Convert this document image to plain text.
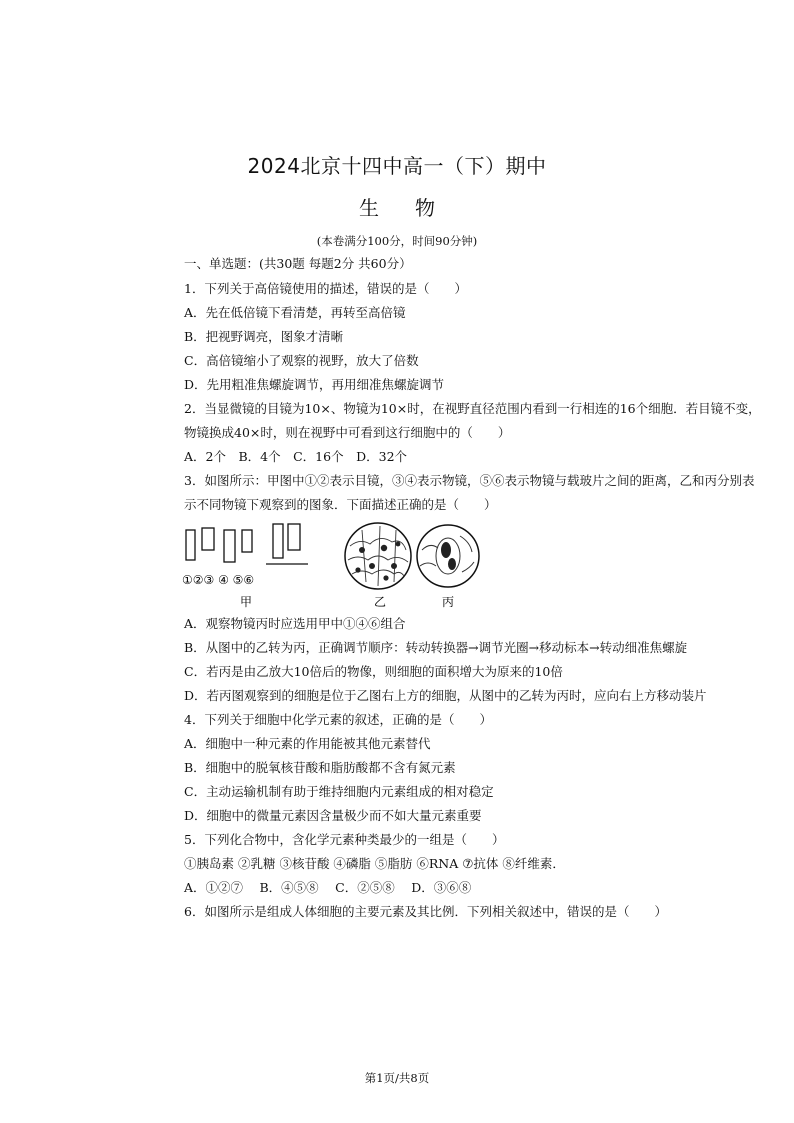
2024北京十四中高一（下）期中
生物
(本卷满分100分，时间90分钟)
一、单选题：(共30题 每题2分 共60分）
1．下列关于高倍镜使用的描述，错误的是（　　）
A．先在低倍镜下看清楚，再转至高倍镜
B．把视野调亮，图象才清晰
C．高倍镜缩小了观察的视野，放大了倍数
D．先用粗准焦螺旋调节，再用细准焦螺旋调节
2．当显微镜的目镜为10×、物镜为10×时，在视野直径范围内看到一行相连的16个细胞．若目镜不变，
物镜换成40×时，则在视野中可看到这行细胞中的（　　）
A．2个　B．4个　C．16个　D．32个
3．如图所示：甲图中①②表示目镜，③④表示物镜，⑤⑥表示物镜与载玻片之间的距离，乙和丙分别表
示不同物镜下观察到的图象．下面描述正确的是（　　）
①②③ ④ ⑤⑥
甲	乙	丙
A．观察物镜丙时应选用甲中①④⑥组合
B．从图中的乙转为丙，正确调节顺序：转动转换器→调节光圈→移动标本→转动细准焦螺旋
C．若丙是由乙放大10倍后的物像，则细胞的面积增大为原来的10倍
D．若丙图观察到的细胞是位于乙图右上方的细胞，从图中的乙转为丙时，应向右上方移动装片
4．下列关于细胞中化学元素的叙述，正确的是（　　）
A．细胞中一种元素的作用能被其他元素替代
B．细胞中的脱氧核苷酸和脂肪酸都不含有氮元素
C．主动运输机制有助于维持细胞内元素组成的相对稳定
D．细胞中的微量元素因含量极少而不如大量元素重要
5．下列化合物中，含化学元素种类最少的一组是（　　）
①胰岛素 ②乳糖 ③核苷酸 ④磷脂 ⑤脂肪 ⑥RNA ⑦抗体 ⑧纤维素．
A．①②⑦　 B．④⑤⑧　 C．②⑤⑧　 D．③⑥⑧
6．如图所示是组成人体细胞的主要元素及其比例．下列相关叙述中，错误的是（　　）
第1页/共8页
